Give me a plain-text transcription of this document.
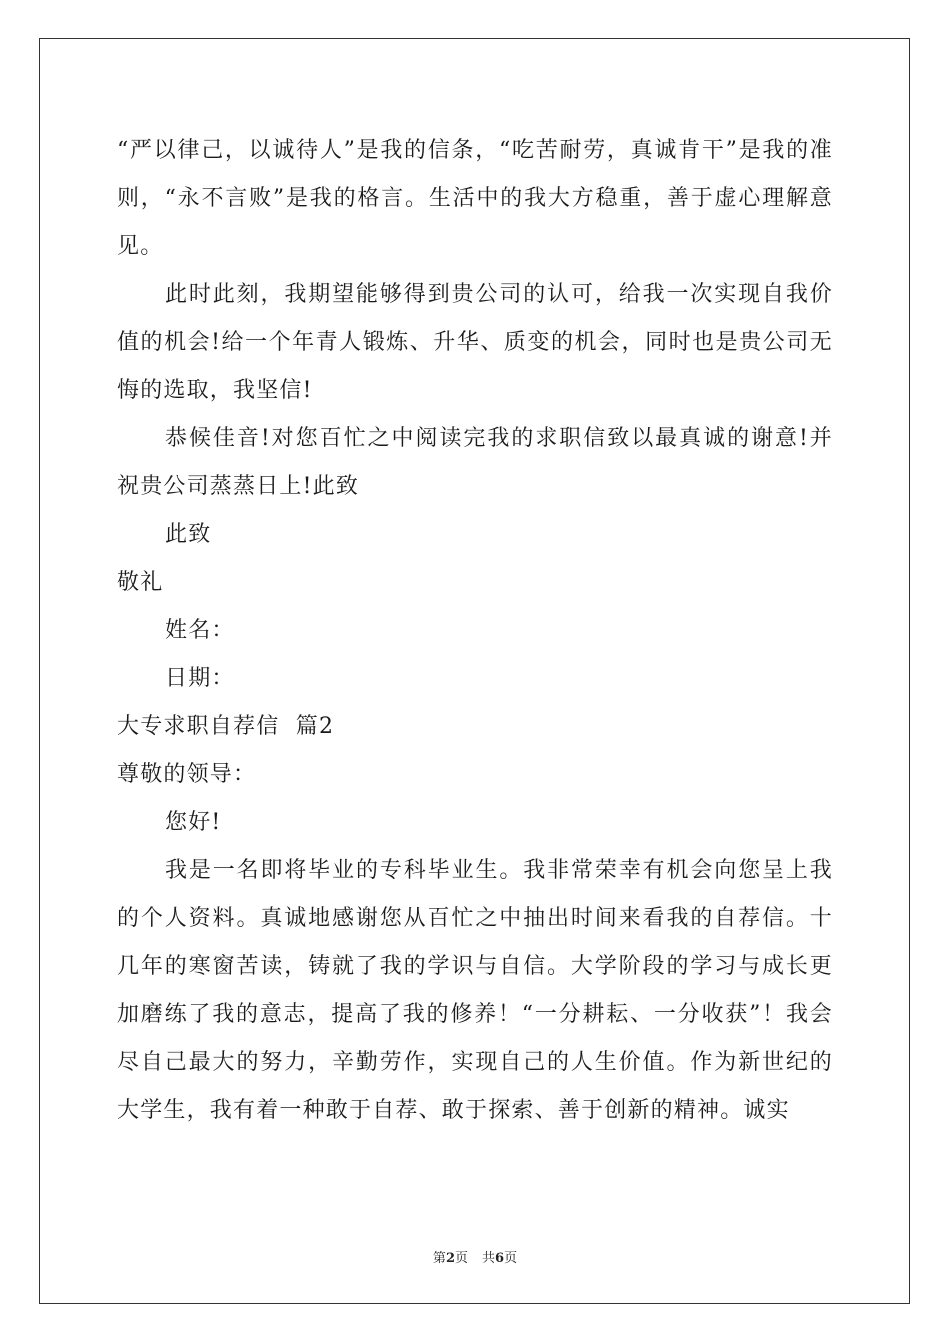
“严以律己，以诚待人”是我的信条，“吃苦耐劳，真诚肯干”是我的准则，“永不言败”是我的格言。生活中的我大方稳重，善于虚心理解意见。

此时此刻，我期望能够得到贵公司的认可，给我一次实现自我价值的机会!给一个年青人锻炼、升华、质变的机会，同时也是贵公司无悔的选取，我坚信!

恭候佳音!对您百忙之中阅读完我的求职信致以最真诚的谢意!并祝贵公司蒸蒸日上!此致

此致

敬礼

姓名：

日期：

大专求职自荐信  篇2

尊敬的领导：

您好!

我是一名即将毕业的专科毕业生。我非常荣幸有机会向您呈上我的个人资料。真诚地感谢您从百忙之中抽出时间来看我的自荐信。十几年的寒窗苦读，铸就了我的学识与自信。大学阶段的学习与成长更加磨练了我的意志，提高了我的修养！“一分耕耘、一分收获”！我会尽自己最大的努力，辛勤劳作，实现自己的人生价值。作为新世纪的大学生，我有着一种敢于自荐、敢于探索、善于创新的精神。诚实

第2页 共6页
